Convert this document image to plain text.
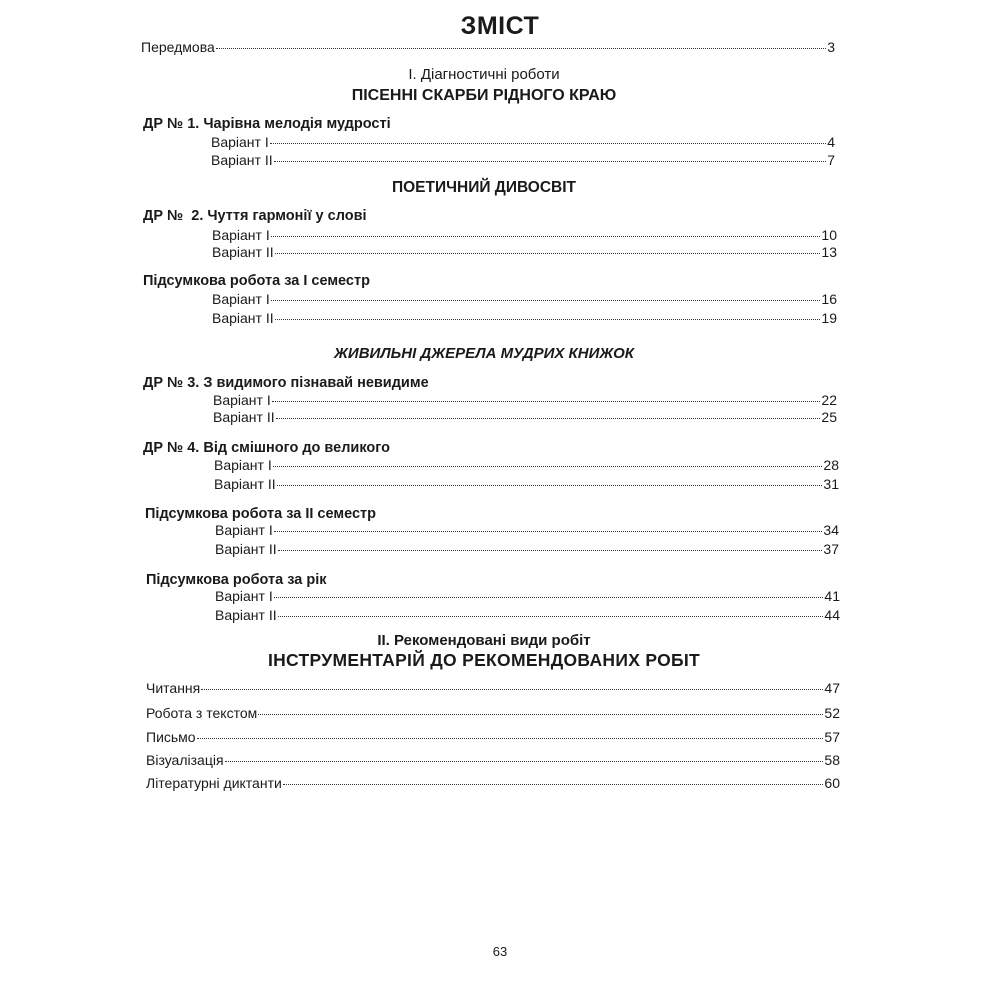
ЗМІСТ
Передмова	3
І. Діагностичні роботи
ПІСЕННІ СКАРБИ РІДНОГО КРАЮ
ДР № 1. Чарівна мелодія мудрості
Варіант І	4
Варіант ІІ	7
ПОЕТИЧНИЙ ДИВОСВІТ
ДР №  2. Чуття гармонії у слові
Варіант І	10
Варіант ІІ	13
Підсумкова робота за І семестр
Варіант І	16
Варіант ІІ	19
ЖИВИЛЬНІ ДЖЕРЕЛА МУДРИХ КНИЖОК
ДР № 3. З видимого пізнавай невидиме
Варіант І	22
Варіант ІІ	25
ДР № 4. Від смішного до великого
Варіант І	28
Варіант ІІ	31
Підсумкова робота за ІІ семестр
Варіант І	34
Варіант ІІ	37
Підсумкова робота за рік
Варіант І	41
Варіант ІІ	44
ІІ. Рекомендовані види робіт
ІНСТРУМЕНТАРІЙ ДО РЕКОМЕНДОВАНИХ РОБІТ
Читання	47
Робота з текстом	52
Письмо	57
Візуалізація	58
Літературні диктанти	60
63
